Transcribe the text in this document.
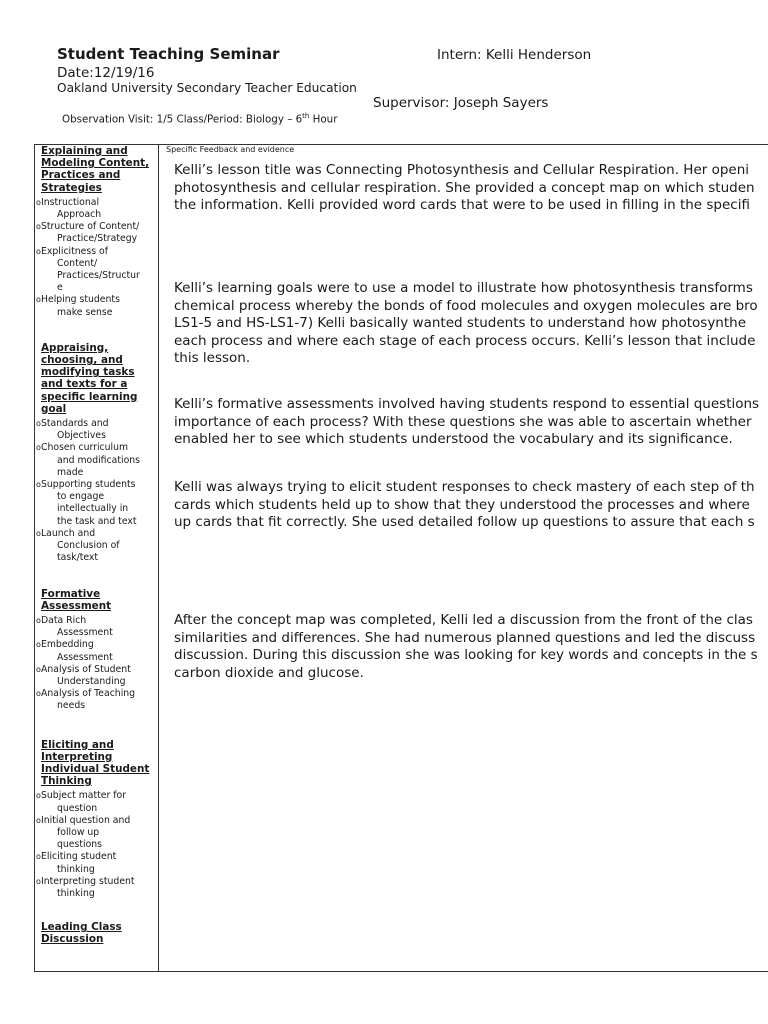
Student Teaching Seminar	Intern: Kelli Henderson
Date:12/19/16
Oakland University Secondary Teacher Education
Supervisor: Joseph Sayers
Observation Visit: 1/5 Class/Period: Biology – 6th Hour
Explaining and
Modeling Content,
Practices and
Strategies
o Instructional
Approach
o Structure of Content/
Practice/Strategy
o Explicitness of
Content/
Practices/Structur
e
o Helping students
make sense
Appraising,
choosing, and
modifying tasks
and texts for a
specific learning
goal
o Standards and
Objectives
o Chosen curriculum
and modifications
made
o Supporting students
to engage
intellectually in
the task and text
o Launch and
Conclusion of
task/text
Formative
Assessment
o Data Rich
Assessment
o Embedding
Assessment
o Analysis of Student
Understanding
o Analysis of Teaching
needs
Eliciting and
Interpreting
Individual Student
Thinking
o Subject matter for
question
o Initial question and
follow up
questions
o Eliciting student
thinking
o Interpreting student
thinking
Leading Class
Discussion
Specific Feedback and evidence
Kelli’s lesson title was Connecting Photosynthesis and Cellular Respiration. Her openi
photosynthesis and cellular respiration. She provided a concept map on which studen
the information. Kelli provided word cards that were to be used in filling in the specifi
Kelli’s learning goals were to use a model to illustrate how photosynthesis transforms
chemical process whereby the bonds of food molecules and oxygen molecules are bro
LS1-5 and HS-LS1-7) Kelli basically wanted students to understand how photosynthe
each process and where each stage of each process occurs. Kelli’s lesson that include
this lesson.
Kelli’s formative assessments involved having students respond to essential questions
importance of each process? With these questions she was able to ascertain whether
enabled her to see which students understood the vocabulary and its significance.
Kelli was always trying to elicit student responses to check mastery of each step of th
cards which students held up to show that they understood the processes and where
up cards that fit correctly. She used detailed follow up questions to assure that each s
After the concept map was completed, Kelli led a discussion from the front of the clas
similarities and differences. She had numerous planned questions and led the discuss
discussion. During this discussion she was looking for key words and concepts in the s
carbon dioxide and glucose.
